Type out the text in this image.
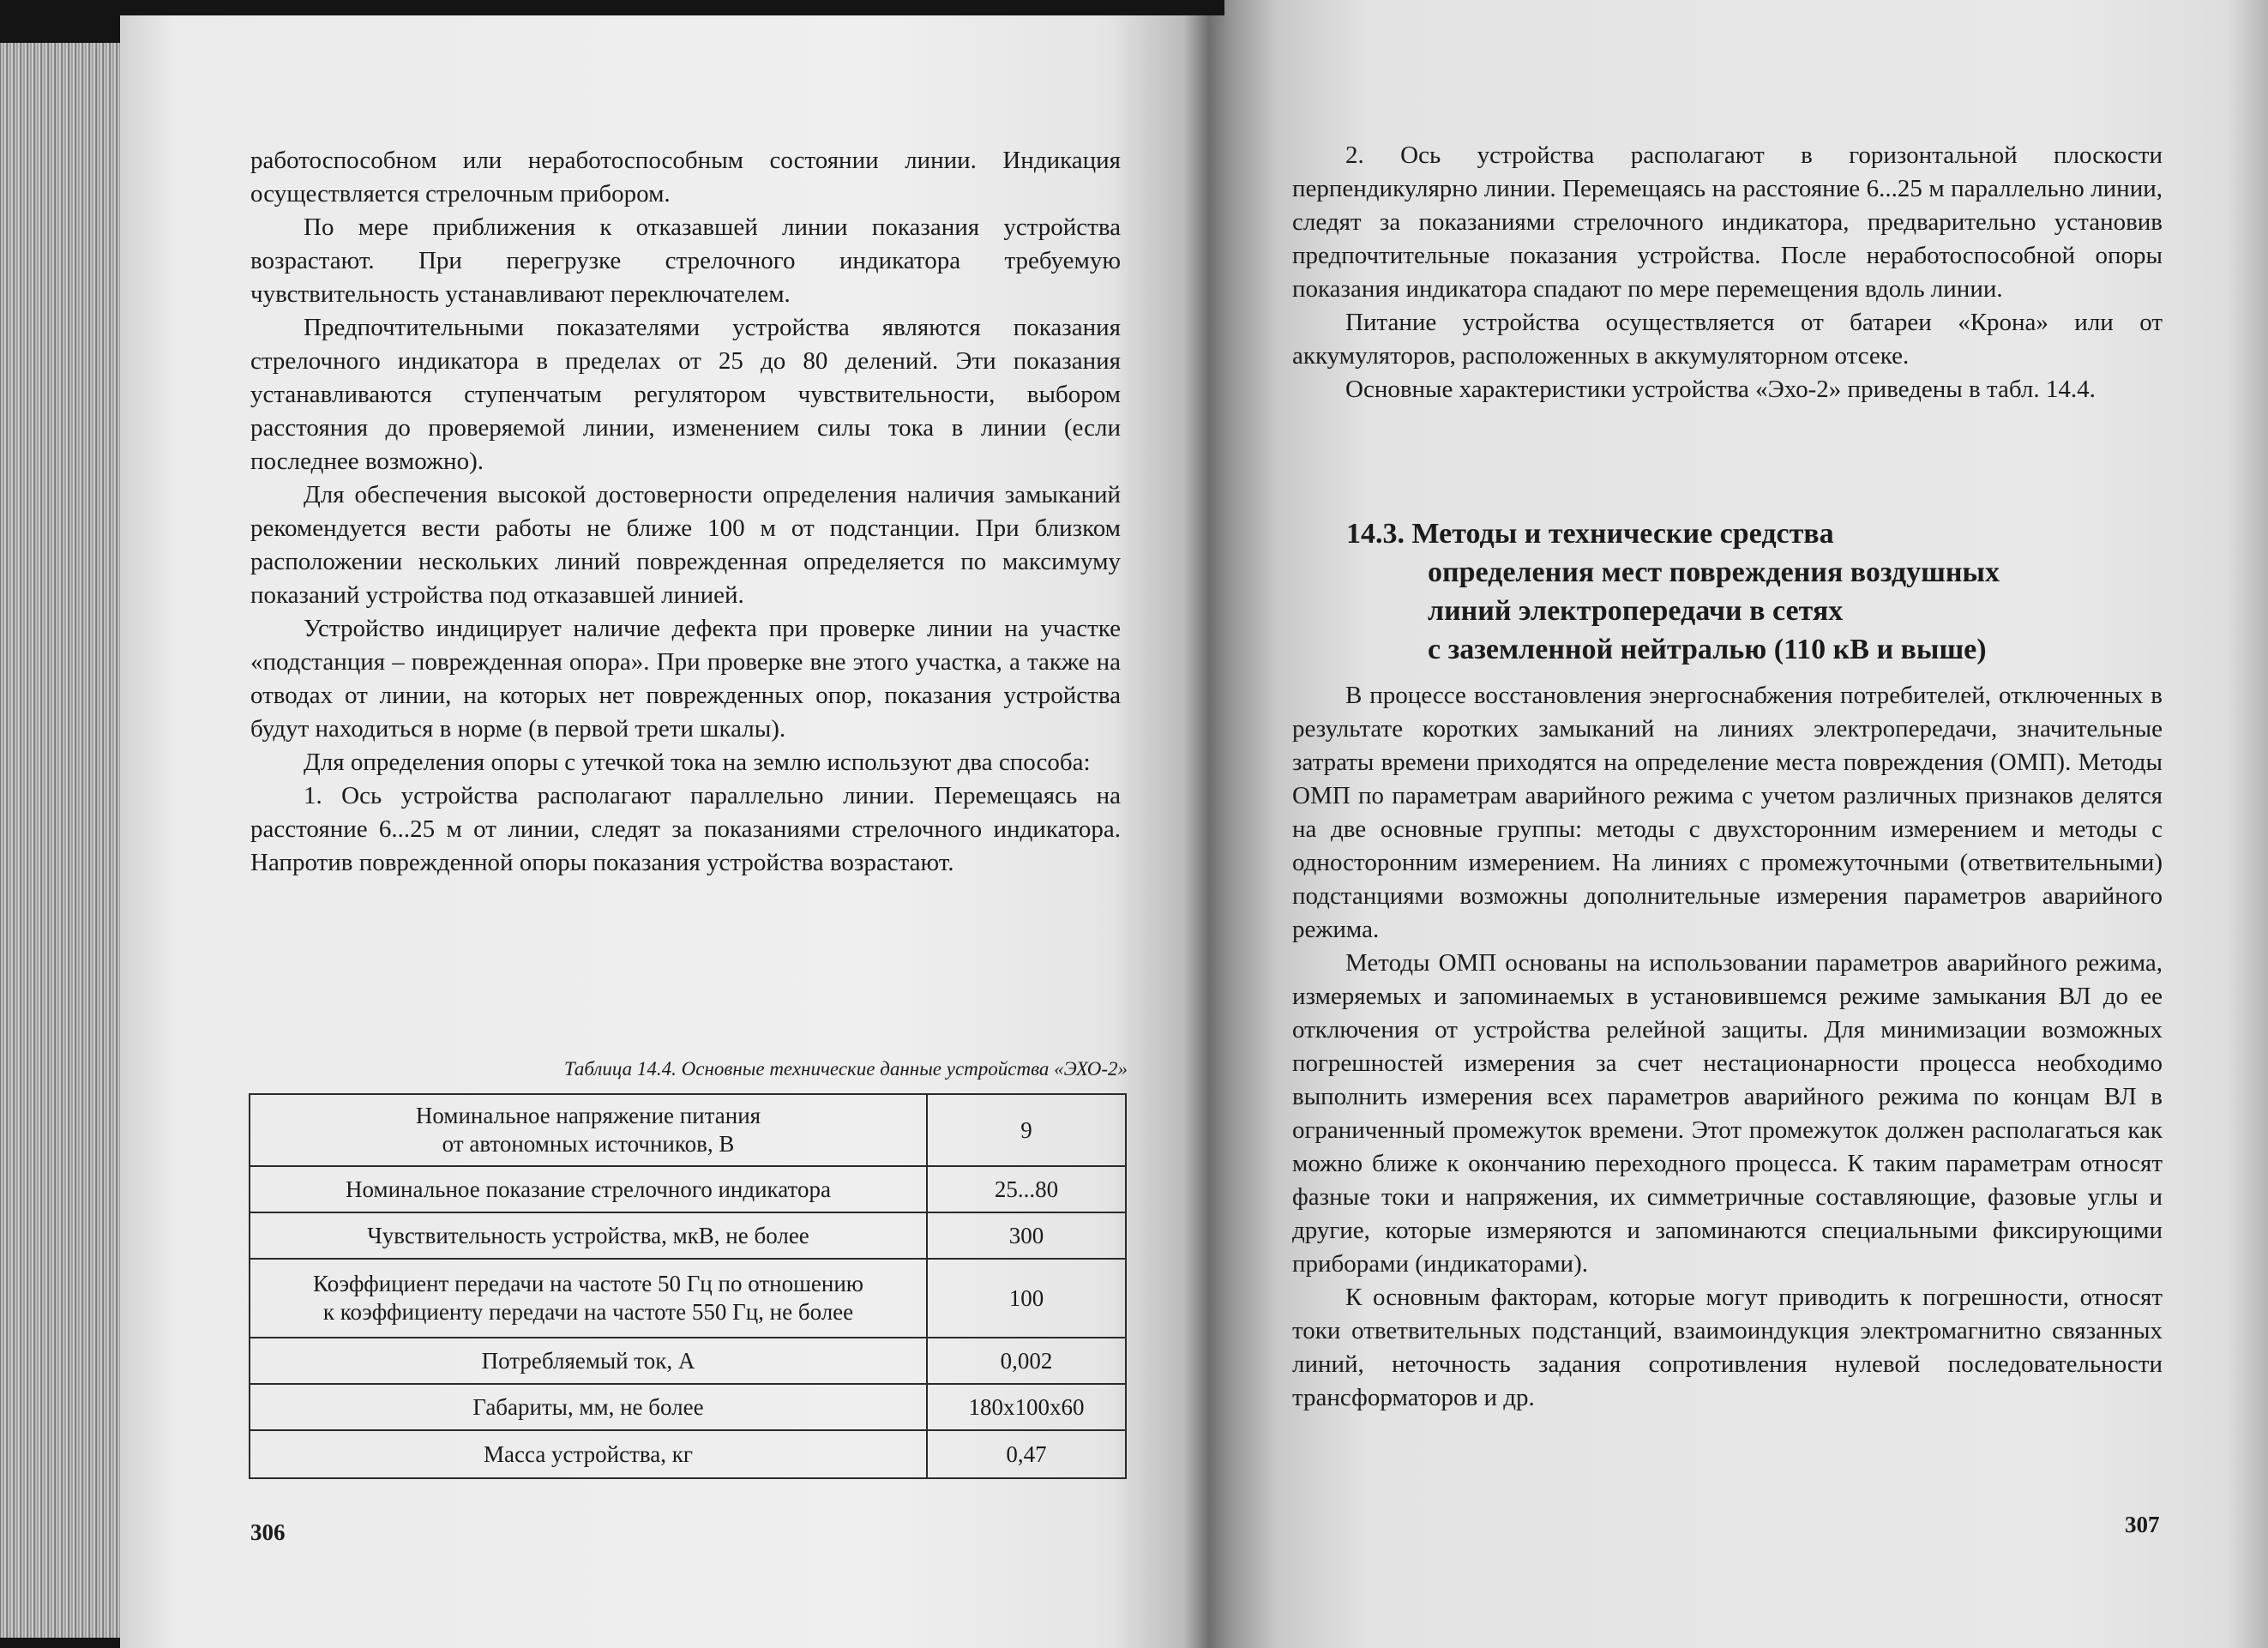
работоспособном или неработоспособным состоянии линии. Индикация осуществляется стрелочным прибором.

По мере приближения к отказавшей линии показания устройства возрастают. При перегрузке стрелочного индикатора требуемую чувствительность устанавливают переключателем.

Предпочтительными показателями устройства являются показания стрелочного индикатора в пределах от 25 до 80 делений. Эти показания устанавливаются ступенчатым регулятором чувствительности, выбором расстояния до проверяемой линии, изменением силы тока в линии (если последнее возможно).

Для обеспечения высокой достоверности определения наличия замыканий рекомендуется вести работы не ближе 100 м от подстанции. При близком расположении нескольких линий поврежденная определяется по максимуму показаний устройства под отказавшей линией.

Устройство индицирует наличие дефекта при проверке линии на участке «подстанция – поврежденная опора». При проверке вне этого участка, а также на отводах от линии, на которых нет поврежденных опор, показания устройства будут находиться в норме (в первой трети шкалы).

Для определения опоры с утечкой тока на землю используют два способа:

1. Ось устройства располагают параллельно линии. Перемещаясь на расстояние 6...25 м от линии, следят за показаниями стрелочного индикатора. Напротив поврежденной опоры показания устройства возрастают.

Таблица 14.4. Основные технические данные устройства «ЭХО-2»
Номинальное напряжение питания
от автономных источников, В	9
Номинальное показание стрелочного индикатора	25...80
Чувствительность устройства, мкВ, не более	300
Коэффициент передачи на частоте 50 Гц по отношению
к коэффициенту передачи на частоте 550 Гц, не более	100
Потребляемый ток, А	0,002
Габариты, мм, не более	180x100x60
Масса устройства, кг	0,47
306

2. Ось устройства располагают в горизонтальной плоскости перпендикулярно линии. Перемещаясь на расстояние 6...25 м параллельно линии, следят за показаниями стрелочного индикатора, предварительно установив предпочтительные показания устройства. После неработоспособной опоры показания индикатора спадают по мере перемещения вдоль линии.

Питание устройства осуществляется от батареи «Крона» или от аккумуляторов, расположенных в аккумуляторном отсеке.

Основные характеристики устройства «Эхо-2» приведены в табл. 14.4.

14.3. Методы и технические средства
определения мест повреждения воздушных
линий электропередачи в сетях
с заземленной нейтралью (110 кВ и выше)

В процессе восстановления энергоснабжения потребителей, отключенных в результате коротких замыканий на линиях электропередачи, значительные затраты времени приходятся на определение места повреждения (ОМП). Методы ОМП по параметрам аварийного режима с учетом различных признаков делятся на две основные группы: методы с двухсторонним измерением и методы с односторонним измерением. На линиях с промежуточными (ответвительными) подстанциями возможны дополнительные измерения параметров аварийного режима.

Методы ОМП основаны на использовании параметров аварийного режима, измеряемых и запоминаемых в установившемся режиме замыкания ВЛ до ее отключения от устройства релейной защиты. Для минимизации возможных погрешностей измерения за счет нестационарности процесса необходимо выполнить измерения всех параметров аварийного режима по концам ВЛ в ограниченный промежуток времени. Этот промежуток должен располагаться как можно ближе к окончанию переходного процесса. К таким параметрам относят фазные токи и напряжения, их симметричные составляющие, фазовые углы и другие, которые измеряются и запоминаются специальными фиксирующими приборами (индикаторами).

К основным факторам, которые могут приводить к погрешности, относят токи ответвительных подстанций, взаимоиндукция электромагнитно связанных линий, неточность задания сопротивления нулевой последовательности трансформаторов и др.

307
